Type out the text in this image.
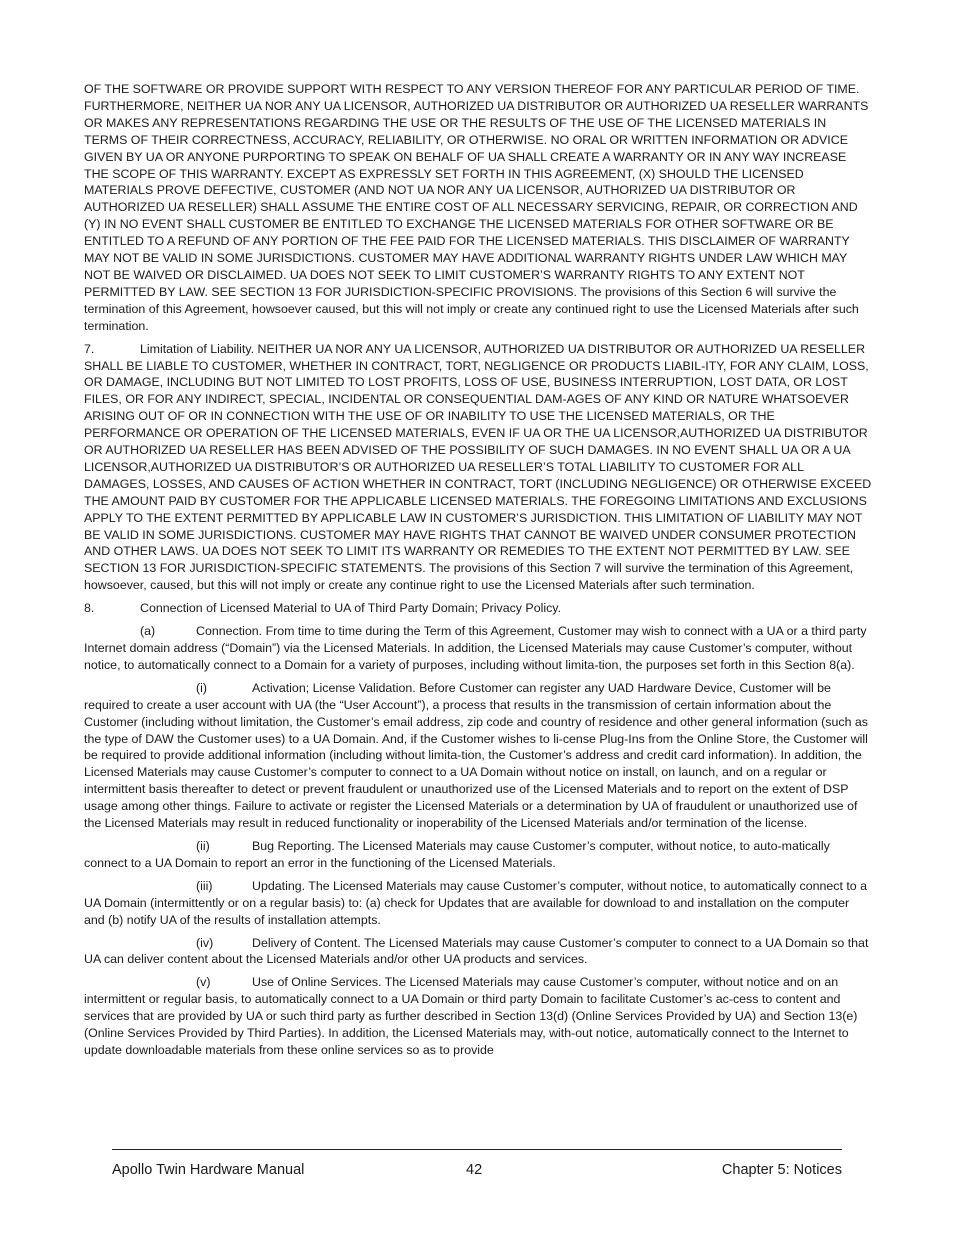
OF THE SOFTWARE OR PROVIDE SUPPORT WITH RESPECT TO ANY VERSION THEREOF FOR ANY PARTICULAR PERIOD OF TIME. FURTHERMORE, NEITHER UA NOR ANY UA LICENSOR, AUTHORIZED UA DISTRIBUTOR OR AUTHORIZED UA RESELLER WARRANTS OR MAKES ANY REPRESENTATIONS REGARDING THE USE OR THE RESULTS OF THE USE OF THE LICENSED MATERIALS IN TERMS OF THEIR CORRECTNESS, ACCURACY, RELIABILITY, OR OTHERWISE. NO ORAL OR WRITTEN INFORMATION OR ADVICE GIVEN BY UA OR ANYONE PURPORTING TO SPEAK ON BEHALF OF UA SHALL CREATE A WARRANTY OR IN ANY WAY INCREASE THE SCOPE OF THIS WARRANTY. EXCEPT AS EXPRESSLY SET FORTH IN THIS AGREEMENT, (X) SHOULD THE LICENSED MATERIALS PROVE DEFECTIVE, CUSTOMER (AND NOT UA NOR ANY UA LICENSOR, AUTHORIZED UA DISTRIBUTOR OR AUTHORIZED UA RESELLER) SHALL ASSUME THE ENTIRE COST OF ALL NECESSARY SERVICING, REPAIR, OR CORRECTION AND (Y) IN NO EVENT SHALL CUSTOMER BE ENTITLED TO EXCHANGE THE LICENSED MATERIALS FOR OTHER SOFTWARE OR BE ENTITLED TO A REFUND OF ANY PORTION OF THE FEE PAID FOR THE LICENSED MATERIALS. THIS DISCLAIMER OF WARRANTY MAY NOT BE VALID IN SOME JURISDICTIONS. CUSTOMER MAY HAVE ADDITIONAL WARRANTY RIGHTS UNDER LAW WHICH MAY NOT BE WAIVED OR DISCLAIMED. UA DOES NOT SEEK TO LIMIT CUSTOMER’S WARRANTY RIGHTS TO ANY EXTENT NOT PERMITTED BY LAW. SEE SECTION 13 FOR JURISDICTION-SPECIFIC PROVISIONS. The provisions of this Section 6 will survive the termination of this Agreement, howsoever caused, but this will not imply or create any continued right to use the Licensed Materials after such termination.

7.	Limitation of Liability. NEITHER UA NOR ANY UA LICENSOR, AUTHORIZED UA DISTRIBUTOR OR AUTHORIZED UA RESELLER SHALL BE LIABLE TO CUSTOMER, WHETHER IN CONTRACT, TORT, NEGLIGENCE OR PRODUCTS LIABIL-ITY, FOR ANY CLAIM, LOSS, OR DAMAGE, INCLUDING BUT NOT LIMITED TO LOST PROFITS, LOSS OF USE, BUSINESS INTERRUPTION, LOST DATA, OR LOST FILES, OR FOR ANY INDIRECT, SPECIAL, INCIDENTAL OR CONSEQUENTIAL DAM-AGES OF ANY KIND OR NATURE WHATSOEVER ARISING OUT OF OR IN CONNECTION WITH THE USE OF OR INABILITY TO USE THE LICENSED MATERIALS, OR THE PERFORMANCE OR OPERATION OF THE LICENSED MATERIALS, EVEN IF UA OR THE UA LICENSOR,AUTHORIZED UA DISTRIBUTOR OR AUTHORIZED UA RESELLER HAS BEEN ADVISED OF THE POSSIBILITY OF SUCH DAMAGES. IN NO EVENT SHALL UA OR A UA LICENSOR,AUTHORIZED UA DISTRIBUTOR’S OR AUTHORIZED UA RESELLER’S TOTAL LIABILITY TO CUSTOMER FOR ALL DAMAGES, LOSSES, AND CAUSES OF ACTION WHETHER IN CONTRACT, TORT (INCLUDING NEGLIGENCE) OR OTHERWISE EXCEED THE AMOUNT PAID BY CUSTOMER FOR THE APPLICABLE LICENSED MATERIALS. THE FOREGOING LIMITATIONS AND EXCLUSIONS APPLY TO THE EXTENT PERMITTED BY APPLICABLE LAW IN CUSTOMER’S JURISDICTION. THIS LIMITATION OF LIABILITY MAY NOT BE VALID IN SOME JURISDICTIONS. CUSTOMER MAY HAVE RIGHTS THAT CANNOT BE WAIVED UNDER CONSUMER PROTECTION AND OTHER LAWS. UA DOES NOT SEEK TO LIMIT ITS WARRANTY OR REMEDIES TO THE EXTENT NOT PERMITTED BY LAW. SEE SECTION 13 FOR JURISDICTION-SPECIFIC STATEMENTS. The provisions of this Section 7 will survive the termination of this Agreement, howsoever, caused, but this will not imply or create any continue right to use the Licensed Materials after such termination.

8.	Connection of Licensed Material to UA of Third Party Domain; Privacy Policy.

(a)	Connection. From time to time during the Term of this Agreement, Customer may wish to connect with a UA or a third party Internet domain address (“Domain”) via the Licensed Materials. In addition, the Licensed Materials may cause Customer’s computer, without notice, to automatically connect to a Domain for a variety of purposes, including without limita-tion, the purposes set forth in this Section 8(a).

(i)	Activation; License Validation. Before Customer can register any UAD Hardware Device, Customer will be required to create a user account with UA (the “User Account”), a process that results in the transmission of certain information about the Customer (including without limitation, the Customer’s email address, zip code and country of residence and other general information (such as the type of DAW the Customer uses) to a UA Domain. And, if the Customer wishes to li-cense Plug-Ins from the Online Store, the Customer will be required to provide additional information (including without limita-tion, the Customer’s address and credit card information). In addition, the Licensed Materials may cause Customer’s computer to connect to a UA Domain without notice on install, on launch, and on a regular or intermittent basis thereafter to detect or prevent fraudulent or unauthorized use of the Licensed Materials and to report on the extent of DSP usage among other things. Failure to activate or register the Licensed Materials or a determination by UA of fraudulent or unauthorized use of the Licensed Materials may result in reduced functionality or inoperability of the Licensed Materials and/or termination of the license.

(ii)	Bug Reporting. The Licensed Materials may cause Customer’s computer, without notice, to auto-matically connect to a UA Domain to report an error in the functioning of the Licensed Materials.

(iii)	Updating. The Licensed Materials may cause Customer’s computer, without notice, to automatically connect to a UA Domain (intermittently or on a regular basis) to: (a) check for Updates that are available for download to and installation on the computer and (b) notify UA of the results of installation attempts.

(iv)	Delivery of Content. The Licensed Materials may cause Customer’s computer to connect to a UA Domain so that UA can deliver content about the Licensed Materials and/or other UA products and services.

(v)	Use of Online Services. The Licensed Materials may cause Customer’s computer, without notice and on an intermittent or regular basis, to automatically connect to a UA Domain or third party Domain to facilitate Customer’s ac-cess to content and services that are provided by UA or such third party as further described in Section 13(d) (Online Services Provided by UA) and Section 13(e) (Online Services Provided by Third Parties). In addition, the Licensed Materials may, with-out notice, automatically connect to the Internet to update downloadable materials from these online services so as to provide

Apollo Twin Hardware Manual	42	Chapter 5: Notices
